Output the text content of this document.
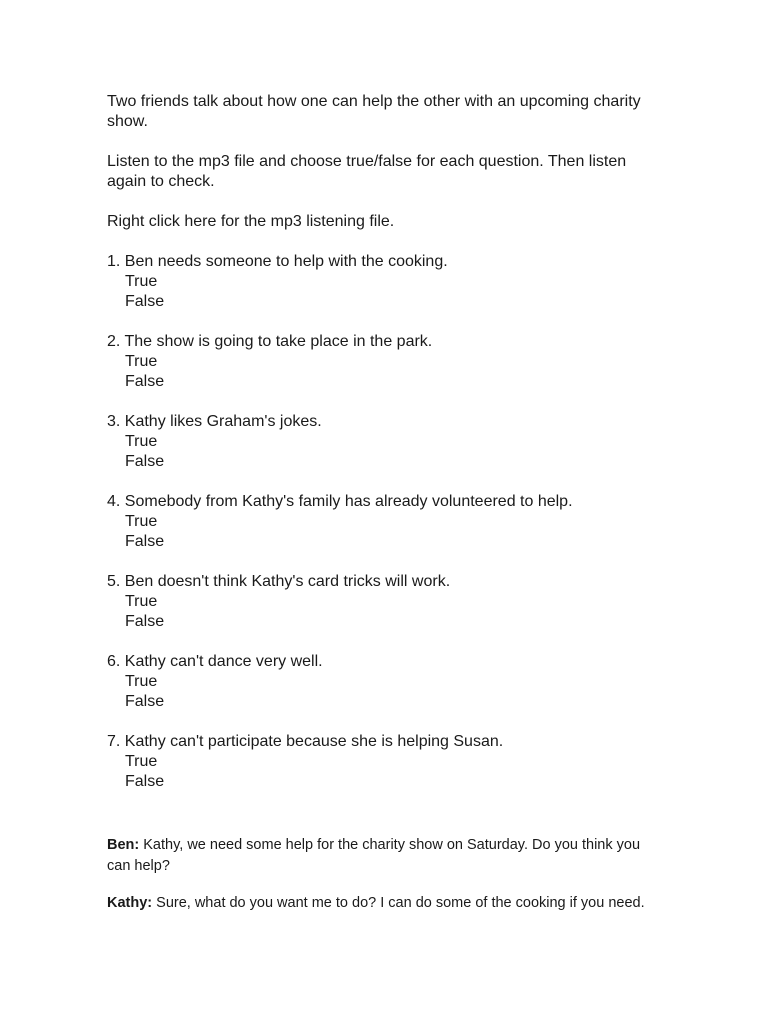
Two friends talk about how one can help the other with an upcoming charity show.

Listen to the mp3 file and choose true/false for each question. Then listen again to check.

Right click here for the mp3 listening file.

1. Ben needs someone to help with the cooking.
True
False
2. The show is going to take place in the park.
True
False
3. Kathy likes Graham's jokes.
True
False
4. Somebody from Kathy's family has already volunteered to help.
True
False
5. Ben doesn't think Kathy's card tricks will work.
True
False
6. Kathy can't dance very well.
True
False
7. Kathy can't participate because she is helping Susan.
True
False

Ben: Kathy, we need some help for the charity show on Saturday. Do you think you can help?

Kathy: Sure, what do you want me to do? I can do some of the cooking if you need.
